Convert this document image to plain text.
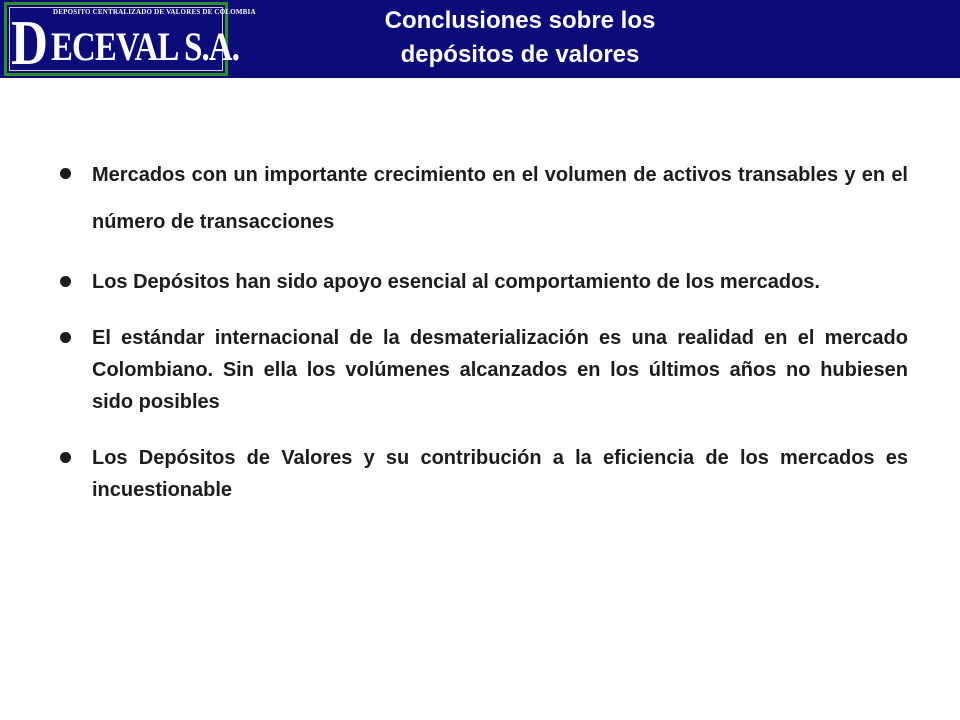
DEPOSITO CENTRALIZADO DE VALORES DE COLOMBIA
D ECEVAL S.A.
Conclusiones sobre los
depósitos de valores
Mercados con un importante crecimiento en el volumen de activos transables y en el número de transacciones
Los Depósitos han sido apoyo esencial al comportamiento de los mercados.
El estándar internacional de la desmaterialización es una realidad en el mercado Colombiano. Sin ella los volúmenes alcanzados en los últimos años no hubiesen sido posibles
Los Depósitos de Valores y su contribución a la eficiencia de los mercados es incuestionable
